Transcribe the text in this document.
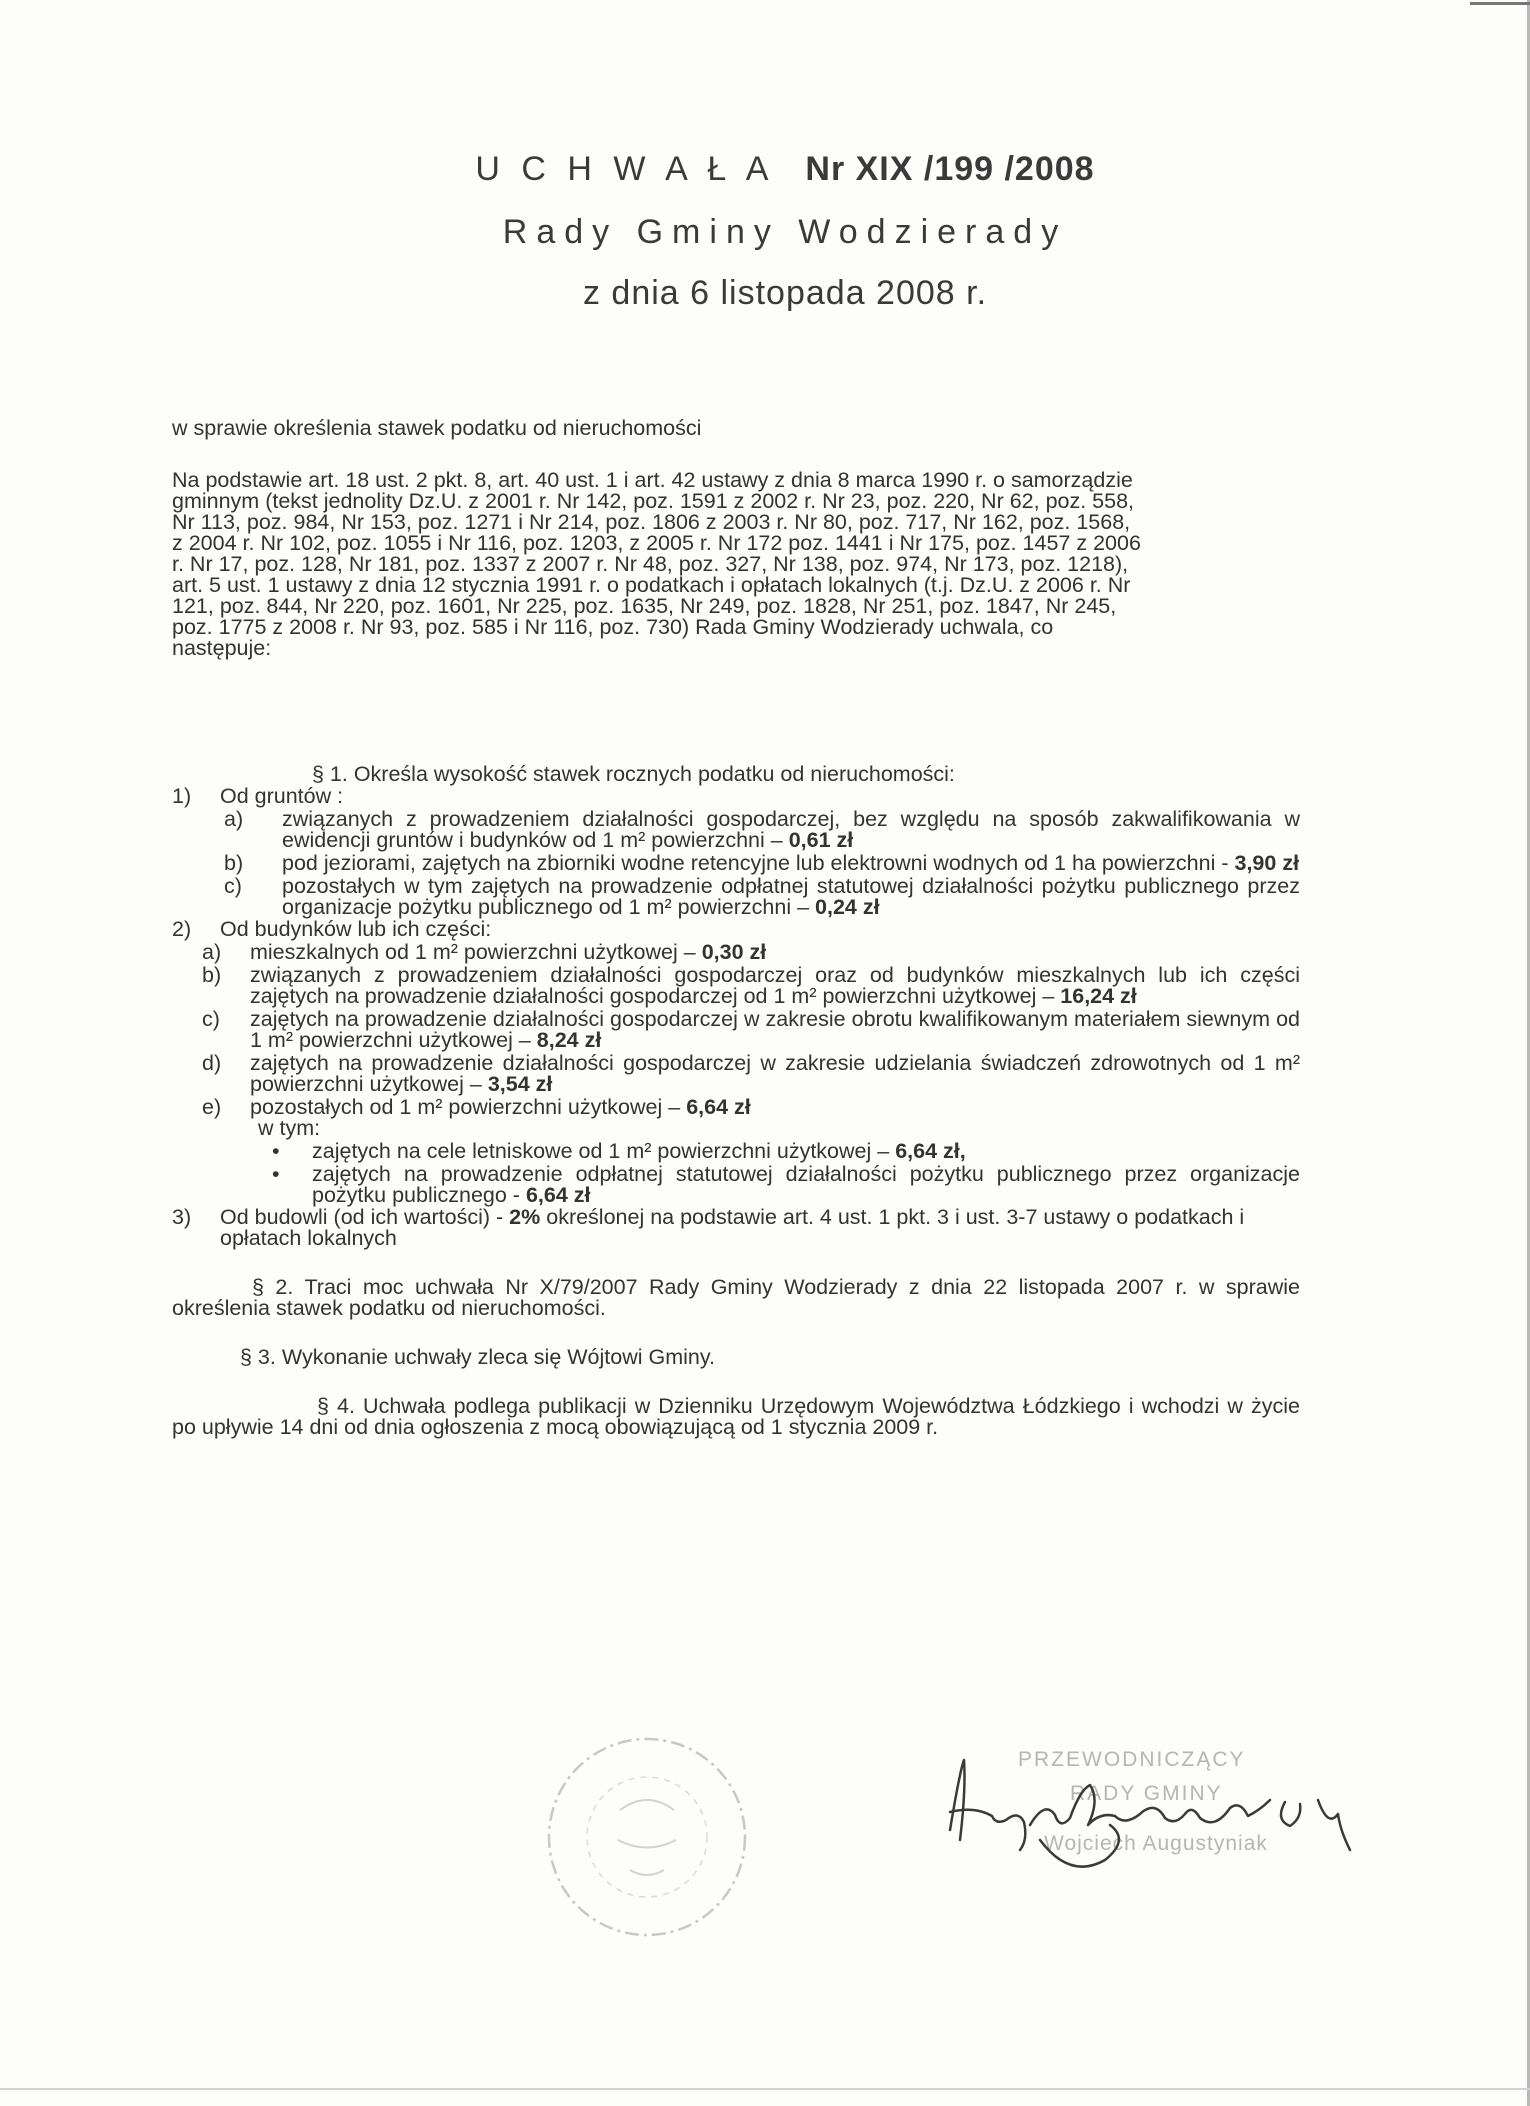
U C H W A Ł A Nr XIX /199 /2008

Rady Gminy Wodzierady

z dnia 6 listopada 2008 r.

w sprawie określenia stawek podatku od nieruchomości
Na podstawie art. 18 ust. 2 pkt. 8, art. 40 ust. 1 i art. 42 ustawy z dnia 8 marca 1990 r. o samorządzie
gminnym (tekst jednolity Dz.U. z 2001 r. Nr 142, poz. 1591 z 2002 r. Nr 23, poz. 220, Nr 62, poz. 558,
Nr 113, poz. 984, Nr 153, poz. 1271 i Nr 214, poz. 1806 z 2003 r. Nr 80, poz. 717, Nr 162, poz. 1568,
z 2004 r. Nr 102, poz. 1055 i Nr 116, poz. 1203, z 2005 r. Nr 172 poz. 1441 i Nr 175, poz. 1457 z 2006
r. Nr 17, poz. 128, Nr 181, poz. 1337 z 2007 r. Nr 48, poz. 327, Nr 138, poz. 974, Nr 173, poz. 1218),
art. 5 ust. 1 ustawy z dnia 12 stycznia 1991 r. o podatkach i opłatach lokalnych (t.j. Dz.U. z 2006 r. Nr
121, poz. 844, Nr 220, poz. 1601, Nr 225, poz. 1635, Nr 249, poz. 1828, Nr 251, poz. 1847, Nr 245,
poz. 1775 z 2008 r. Nr 93, poz. 585 i Nr 116, poz. 730) Rada Gminy Wodzierady uchwala, co
następuje:
§ 1. Określa wysokość stawek rocznych podatku od nieruchomości:
1) Od gruntów :
a) związanych z prowadzeniem działalności gospodarczej, bez względu na sposób zakwalifikowania w ewidencji gruntów i budynków od 1 m² powierzchni – 0,61 zł
b) pod jeziorami, zajętych na zbiorniki wodne retencyjne lub elektrowni wodnych od 1 ha powierzchni - 3,90 zł
c) pozostałych w tym zajętych na prowadzenie odpłatnej statutowej działalności pożytku publicznego przez organizacje pożytku publicznego od 1 m² powierzchni – 0,24 zł
2) Od budynków lub ich części:
a) mieszkalnych od 1 m² powierzchni użytkowej – 0,30 zł
b) związanych z prowadzeniem działalności gospodarczej oraz od budynków mieszkalnych lub ich części zajętych na prowadzenie działalności gospodarczej od 1 m² powierzchni użytkowej – 16,24 zł
c) zajętych na prowadzenie działalności gospodarczej w zakresie obrotu kwalifikowanym materiałem siewnym od 1 m² powierzchni użytkowej – 8,24 zł
d) zajętych na prowadzenie działalności gospodarczej w zakresie udzielania świadczeń zdrowotnych od 1 m² powierzchni użytkowej – 3,54 zł
e) pozostałych od 1 m² powierzchni użytkowej – 6,64 zł
w tym:
• zajętych na cele letniskowe od 1 m² powierzchni użytkowej – 6,64 zł,
• zajętych na prowadzenie odpłatnej statutowej działalności pożytku publicznego przez organizacje pożytku publicznego - 6,64 zł
3) Od budowli (od ich wartości) - 2% określonej na podstawie art. 4 ust. 1 pkt. 3 i ust. 3-7 ustawy o podatkach i opłatach lokalnych
§ 2. Traci moc uchwała Nr X/79/2007 Rady Gminy Wodzierady z dnia 22 listopada 2007 r. w sprawie określenia stawek podatku od nieruchomości.
§ 3. Wykonanie uchwały zleca się Wójtowi Gminy.
§ 4. Uchwała podlega publikacji w Dzienniku Urzędowym Województwa Łódzkiego i wchodzi w życie po upływie 14 dni od dnia ogłoszenia z mocą obowiązującą od 1 stycznia 2009 r.
PRZEWODNICZĄCY
RADY GMINY
Wojciech Augustyniak
